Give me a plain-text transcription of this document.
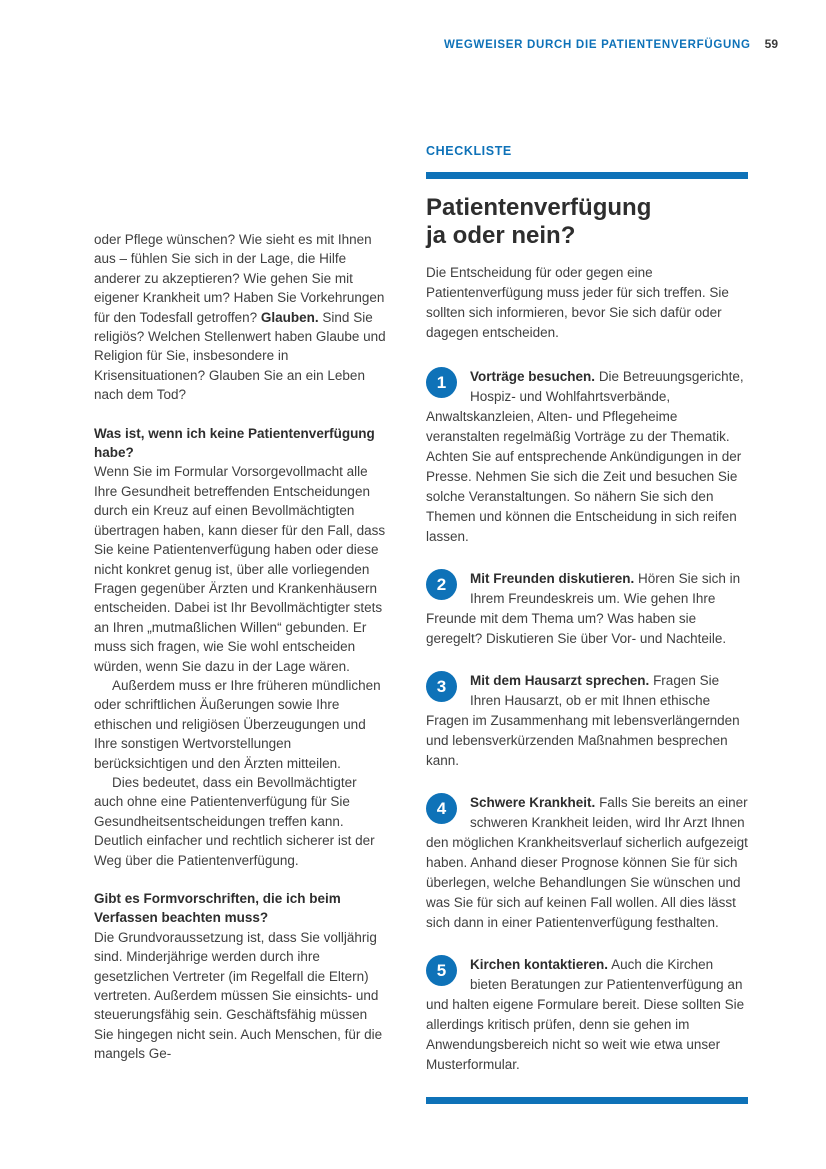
WEGWEISER DURCH DIE PATIENTENVERFÜGUNG 59

oder Pflege wünschen? Wie sieht es mit Ihnen aus – fühlen Sie sich in der Lage, die Hilfe anderer zu akzeptieren? Wie gehen Sie mit eigener Krankheit um? Haben Sie Vorkehrungen für den Todesfall getroffen? Glauben. Sind Sie religiös? Welchen Stellenwert haben Glaube und Religion für Sie, insbesondere in Krisensituationen? Glauben Sie an ein Leben nach dem Tod?

Was ist, wenn ich keine Patientenverfügung habe?

Wenn Sie im Formular Vorsorgevollmacht alle Ihre Gesundheit betreffenden Entscheidungen durch ein Kreuz auf einen Bevollmächtigten übertragen haben, kann dieser für den Fall, dass Sie keine Patientenverfügung haben oder diese nicht konkret genug ist, über alle vorliegenden Fragen gegenüber Ärzten und Krankenhäusern entscheiden. Dabei ist Ihr Bevollmächtigter stets an Ihren „mutmaßlichen Willen“ gebunden. Er muss sich fragen, wie Sie wohl entscheiden würden, wenn Sie dazu in der Lage wären.

Außerdem muss er Ihre früheren mündlichen oder schriftlichen Äußerungen sowie Ihre ethischen und religiösen Überzeugungen und Ihre sonstigen Wertvorstellungen berücksichtigen und den Ärzten mitteilen.

Dies bedeutet, dass ein Bevollmächtigter auch ohne eine Patientenverfügung für Sie Gesundheitsentscheidungen treffen kann. Deutlich einfacher und rechtlich sicherer ist der Weg über die Patientenverfügung.

Gibt es Formvorschriften, die ich beim Verfassen beachten muss?

Die Grundvoraussetzung ist, dass Sie volljährig sind. Minderjährige werden durch ihre gesetzlichen Vertreter (im Regelfall die Eltern) vertreten. Außerdem müssen Sie einsichts- und steuerungsfähig sein. Geschäftsfähig müssen Sie hingegen nicht sein. Auch Menschen, für die mangels Ge-

CHECKLISTE
Patientenverfügung
ja oder nein?

Die Entscheidung für oder gegen eine Patientenverfügung muss jeder für sich treffen. Sie sollten sich informieren, bevor Sie sich dafür oder dagegen entscheiden.

1	Vorträge besuchen. Die Betreuungsgerichte, Hospiz- und Wohlfahrtsverbände, Anwaltskanzleien, Alten- und Pflegeheime veranstalten regelmäßig Vorträge zu der Thematik. Achten Sie auf entsprechende Ankündigungen in der Presse. Nehmen Sie sich die Zeit und besuchen Sie solche Veranstaltungen. So nähern Sie sich den Themen und können die Entscheidung in sich reifen lassen.
2	Mit Freunden diskutieren. Hören Sie sich in Ihrem Freundeskreis um. Wie gehen Ihre Freunde mit dem Thema um? Was haben sie geregelt? Diskutieren Sie über Vor- und Nachteile.
3	Mit dem Hausarzt sprechen. Fragen Sie Ihren Hausarzt, ob er mit Ihnen ethische Fragen im Zusammenhang mit lebensverlängernden und lebensverkürzenden Maßnahmen besprechen kann.
4	Schwere Krankheit. Falls Sie bereits an einer schweren Krankheit leiden, wird Ihr Arzt Ihnen den möglichen Krankheitsverlauf sicherlich aufgezeigt haben. Anhand dieser Prognose können Sie für sich überlegen, welche Behandlungen Sie wünschen und was Sie für sich auf keinen Fall wollen. All dies lässt sich dann in einer Patientenverfügung festhalten.
5	Kirchen kontaktieren. Auch die Kirchen bieten Beratungen zur Patientenverfügung an und halten eigene Formulare bereit. Diese sollten Sie allerdings kritisch prüfen, denn sie gehen im Anwendungsbereich nicht so weit wie etwa unser Musterformular.
